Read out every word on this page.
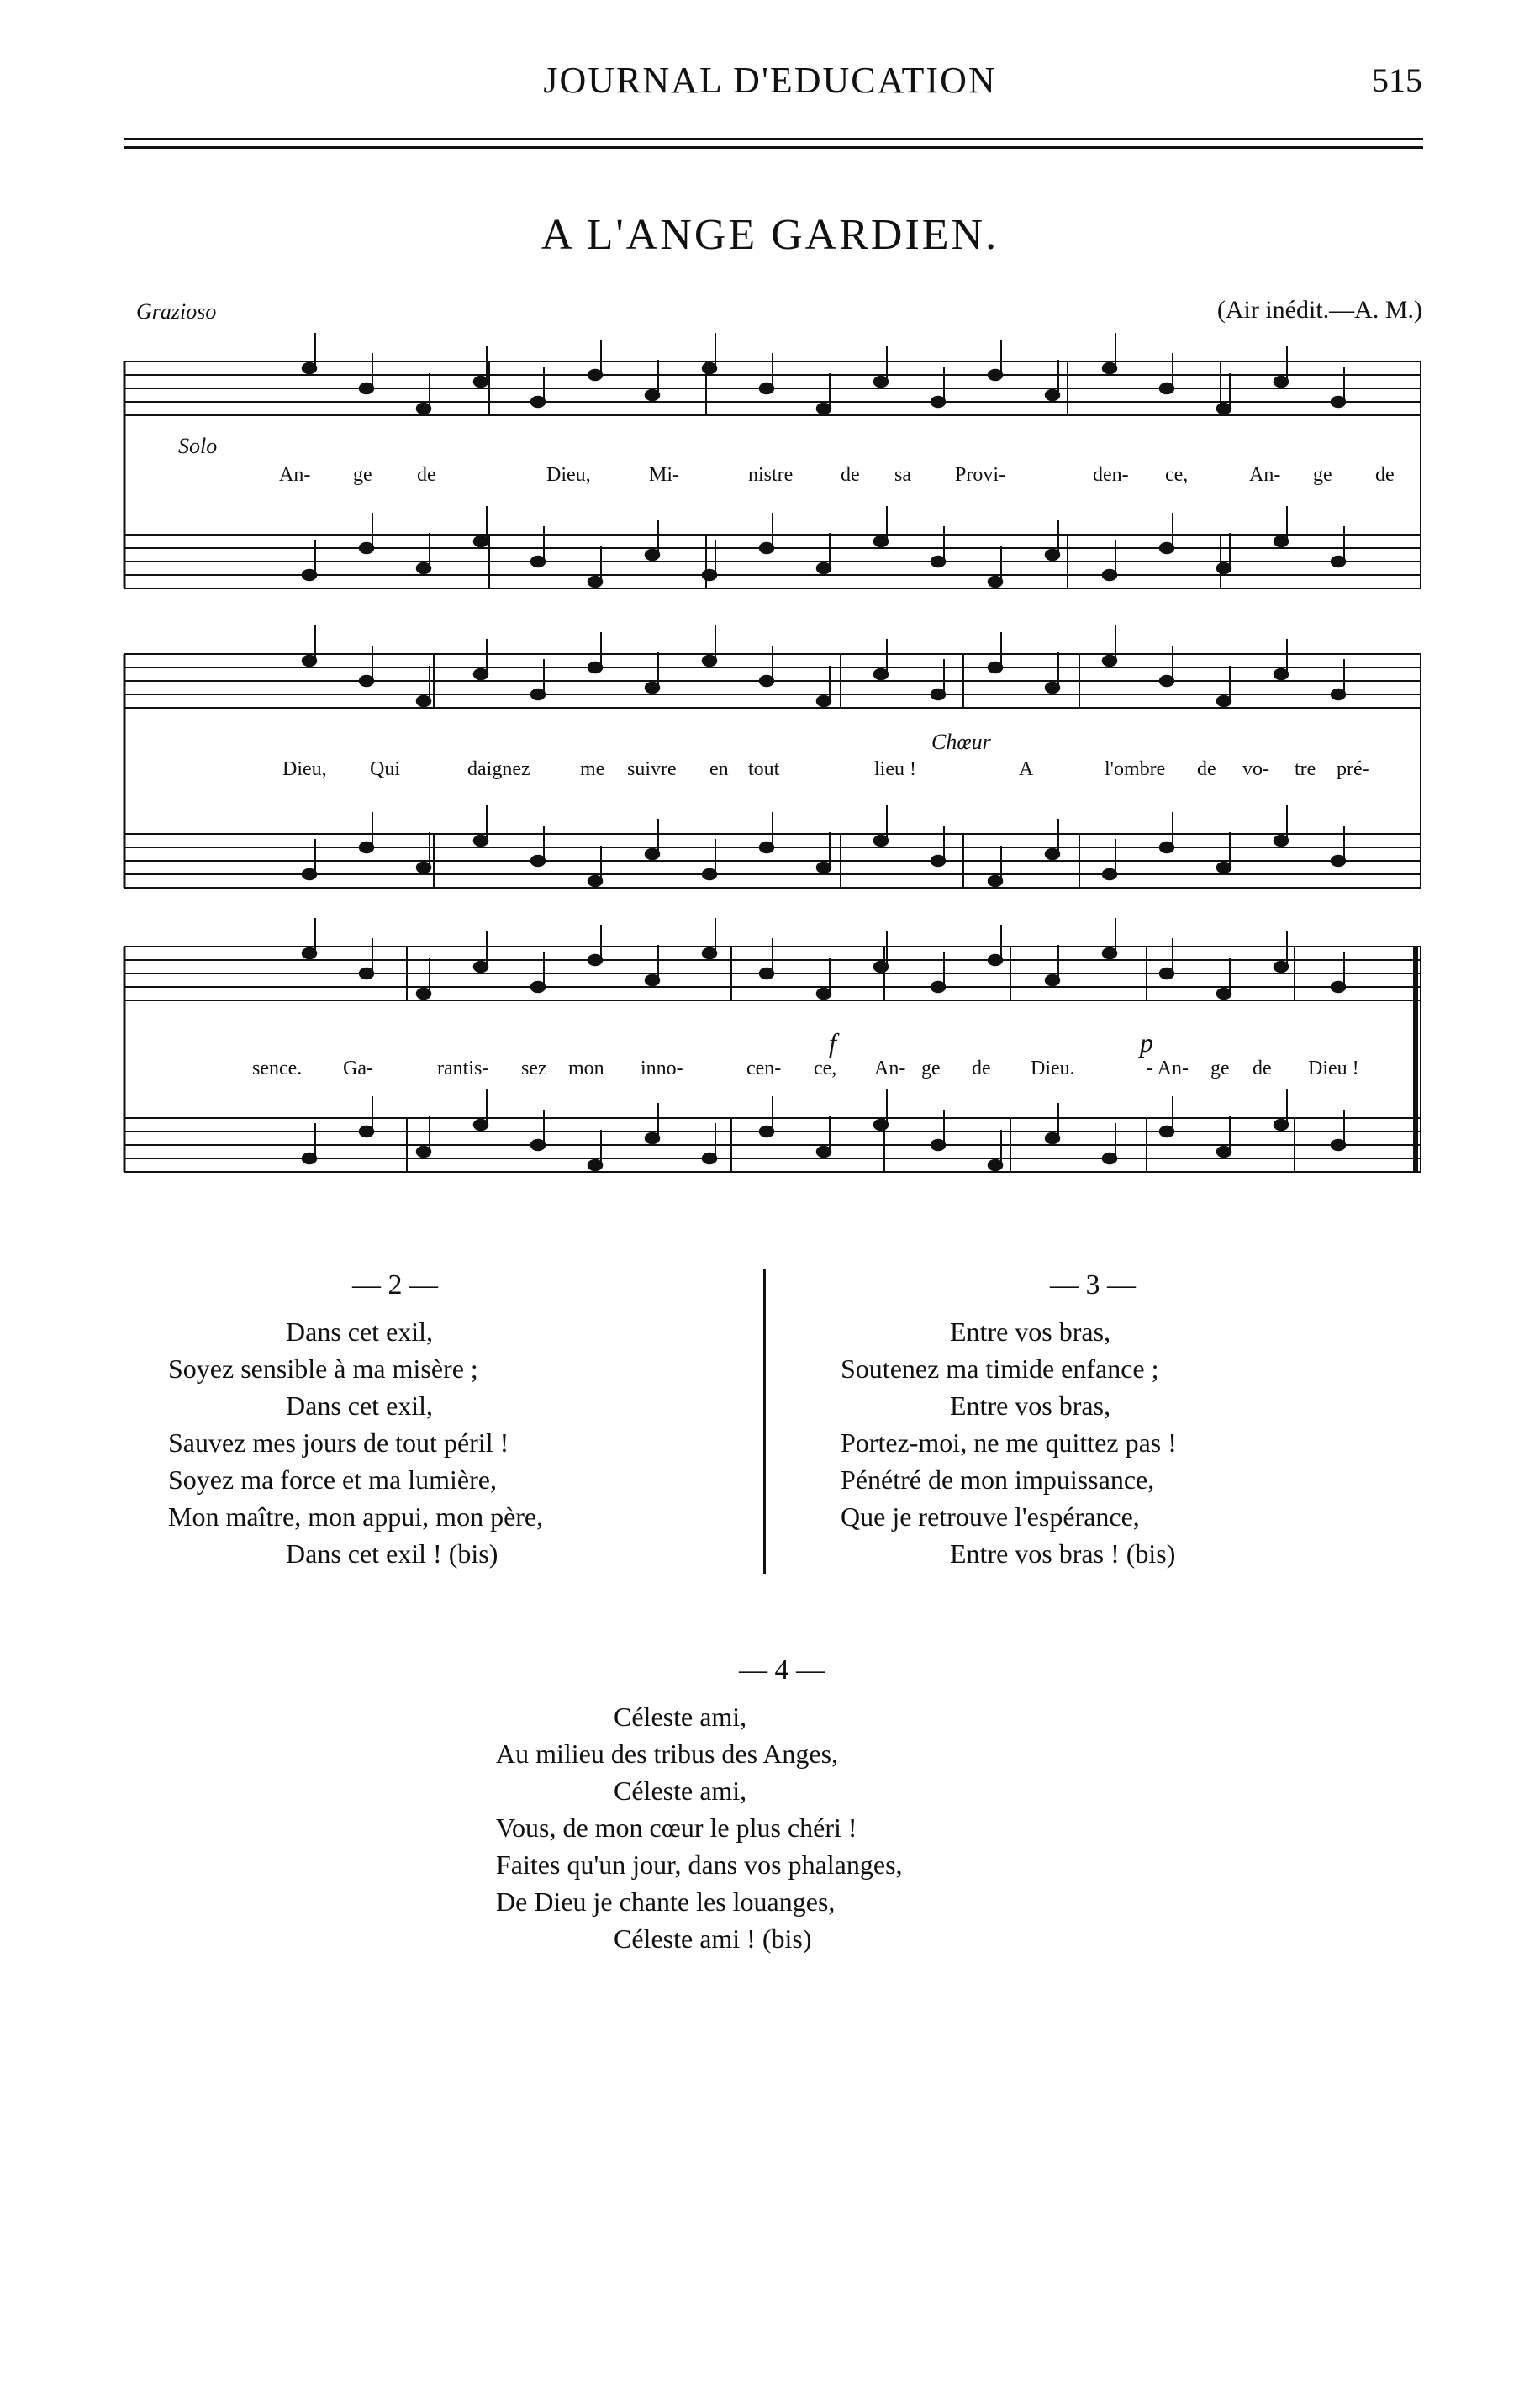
JOURNAL D'EDUCATION	515
A L'ANGE GARDIEN.
Grazioso	(Air inédit.—A. M.)
Solo
An- ge de	Dieu,	Mi-	nistre de sa Provi-	den- ce,	An- ge de
Chœur
Dieu, Qui	daignez me suivre en tout	lieu !	A	l'ombre de vo- tre pré-
f	p
sence. Ga-	rantis- sez mon inno-	cen- ce, An- ge de Dieu.	- An- ge de Dieu !
— 2 —
Dans cet exil,
Soyez sensible à ma misère ;
Dans cet exil,
Sauvez mes jours de tout péril !
Soyez ma force et ma lumière,
Mon maître, mon appui, mon père,
Dans cet exil ! (bis)
— 3 —
Entre vos bras,
Soutenez ma timide enfance ;
Entre vos bras,
Portez-moi, ne me quittez pas !
Pénétré de mon impuissance,
Que je retrouve l'espérance,
Entre vos bras ! (bis)
— 4 —
Céleste ami,
Au milieu des tribus des Anges,
Céleste ami,
Vous, de mon cœur le plus chéri !
Faites qu'un jour, dans vos phalanges,
De Dieu je chante les louanges,
Céleste ami ! (bis)
